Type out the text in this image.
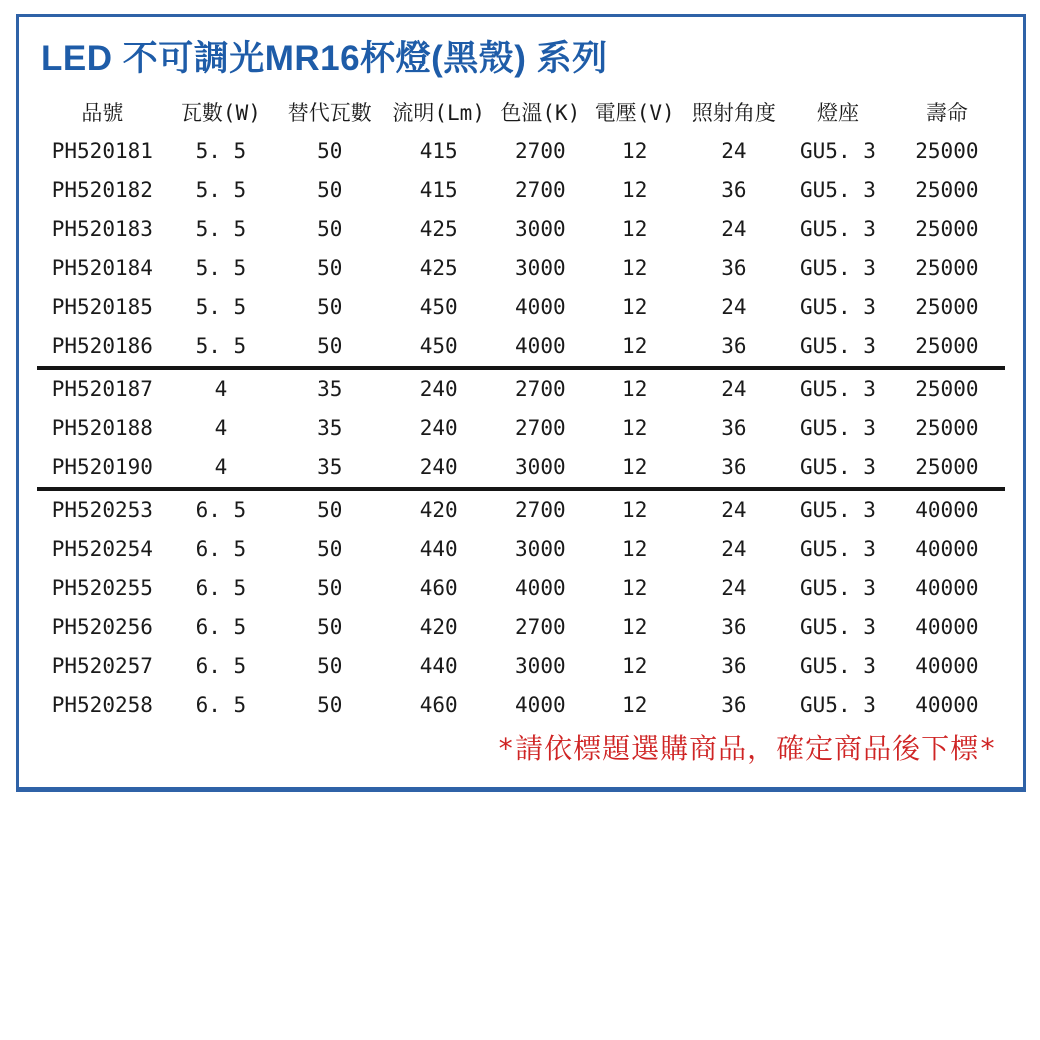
LED 不可調光MR16杯燈(黑殼) 系列
品號	瓦數(W)	替代瓦數	流明(Lm)	色溫(K)	電壓(V)	照射角度	燈座	壽命
PH520181	5. 5	50	415	2700	12	24	GU5. 3	25000
PH520182	5. 5	50	415	2700	12	36	GU5. 3	25000
PH520183	5. 5	50	425	3000	12	24	GU5. 3	25000
PH520184	5. 5	50	425	3000	12	36	GU5. 3	25000
PH520185	5. 5	50	450	4000	12	24	GU5. 3	25000
PH520186	5. 5	50	450	4000	12	36	GU5. 3	25000
PH520187	4	35	240	2700	12	24	GU5. 3	25000
PH520188	4	35	240	2700	12	36	GU5. 3	25000
PH520190	4	35	240	3000	12	36	GU5. 3	25000
PH520253	6. 5	50	420	2700	12	24	GU5. 3	40000
PH520254	6. 5	50	440	3000	12	24	GU5. 3	40000
PH520255	6. 5	50	460	4000	12	24	GU5. 3	40000
PH520256	6. 5	50	420	2700	12	36	GU5. 3	40000
PH520257	6. 5	50	440	3000	12	36	GU5. 3	40000
PH520258	6. 5	50	460	4000	12	36	GU5. 3	40000
*請依標題選購商品，確定商品後下標*
